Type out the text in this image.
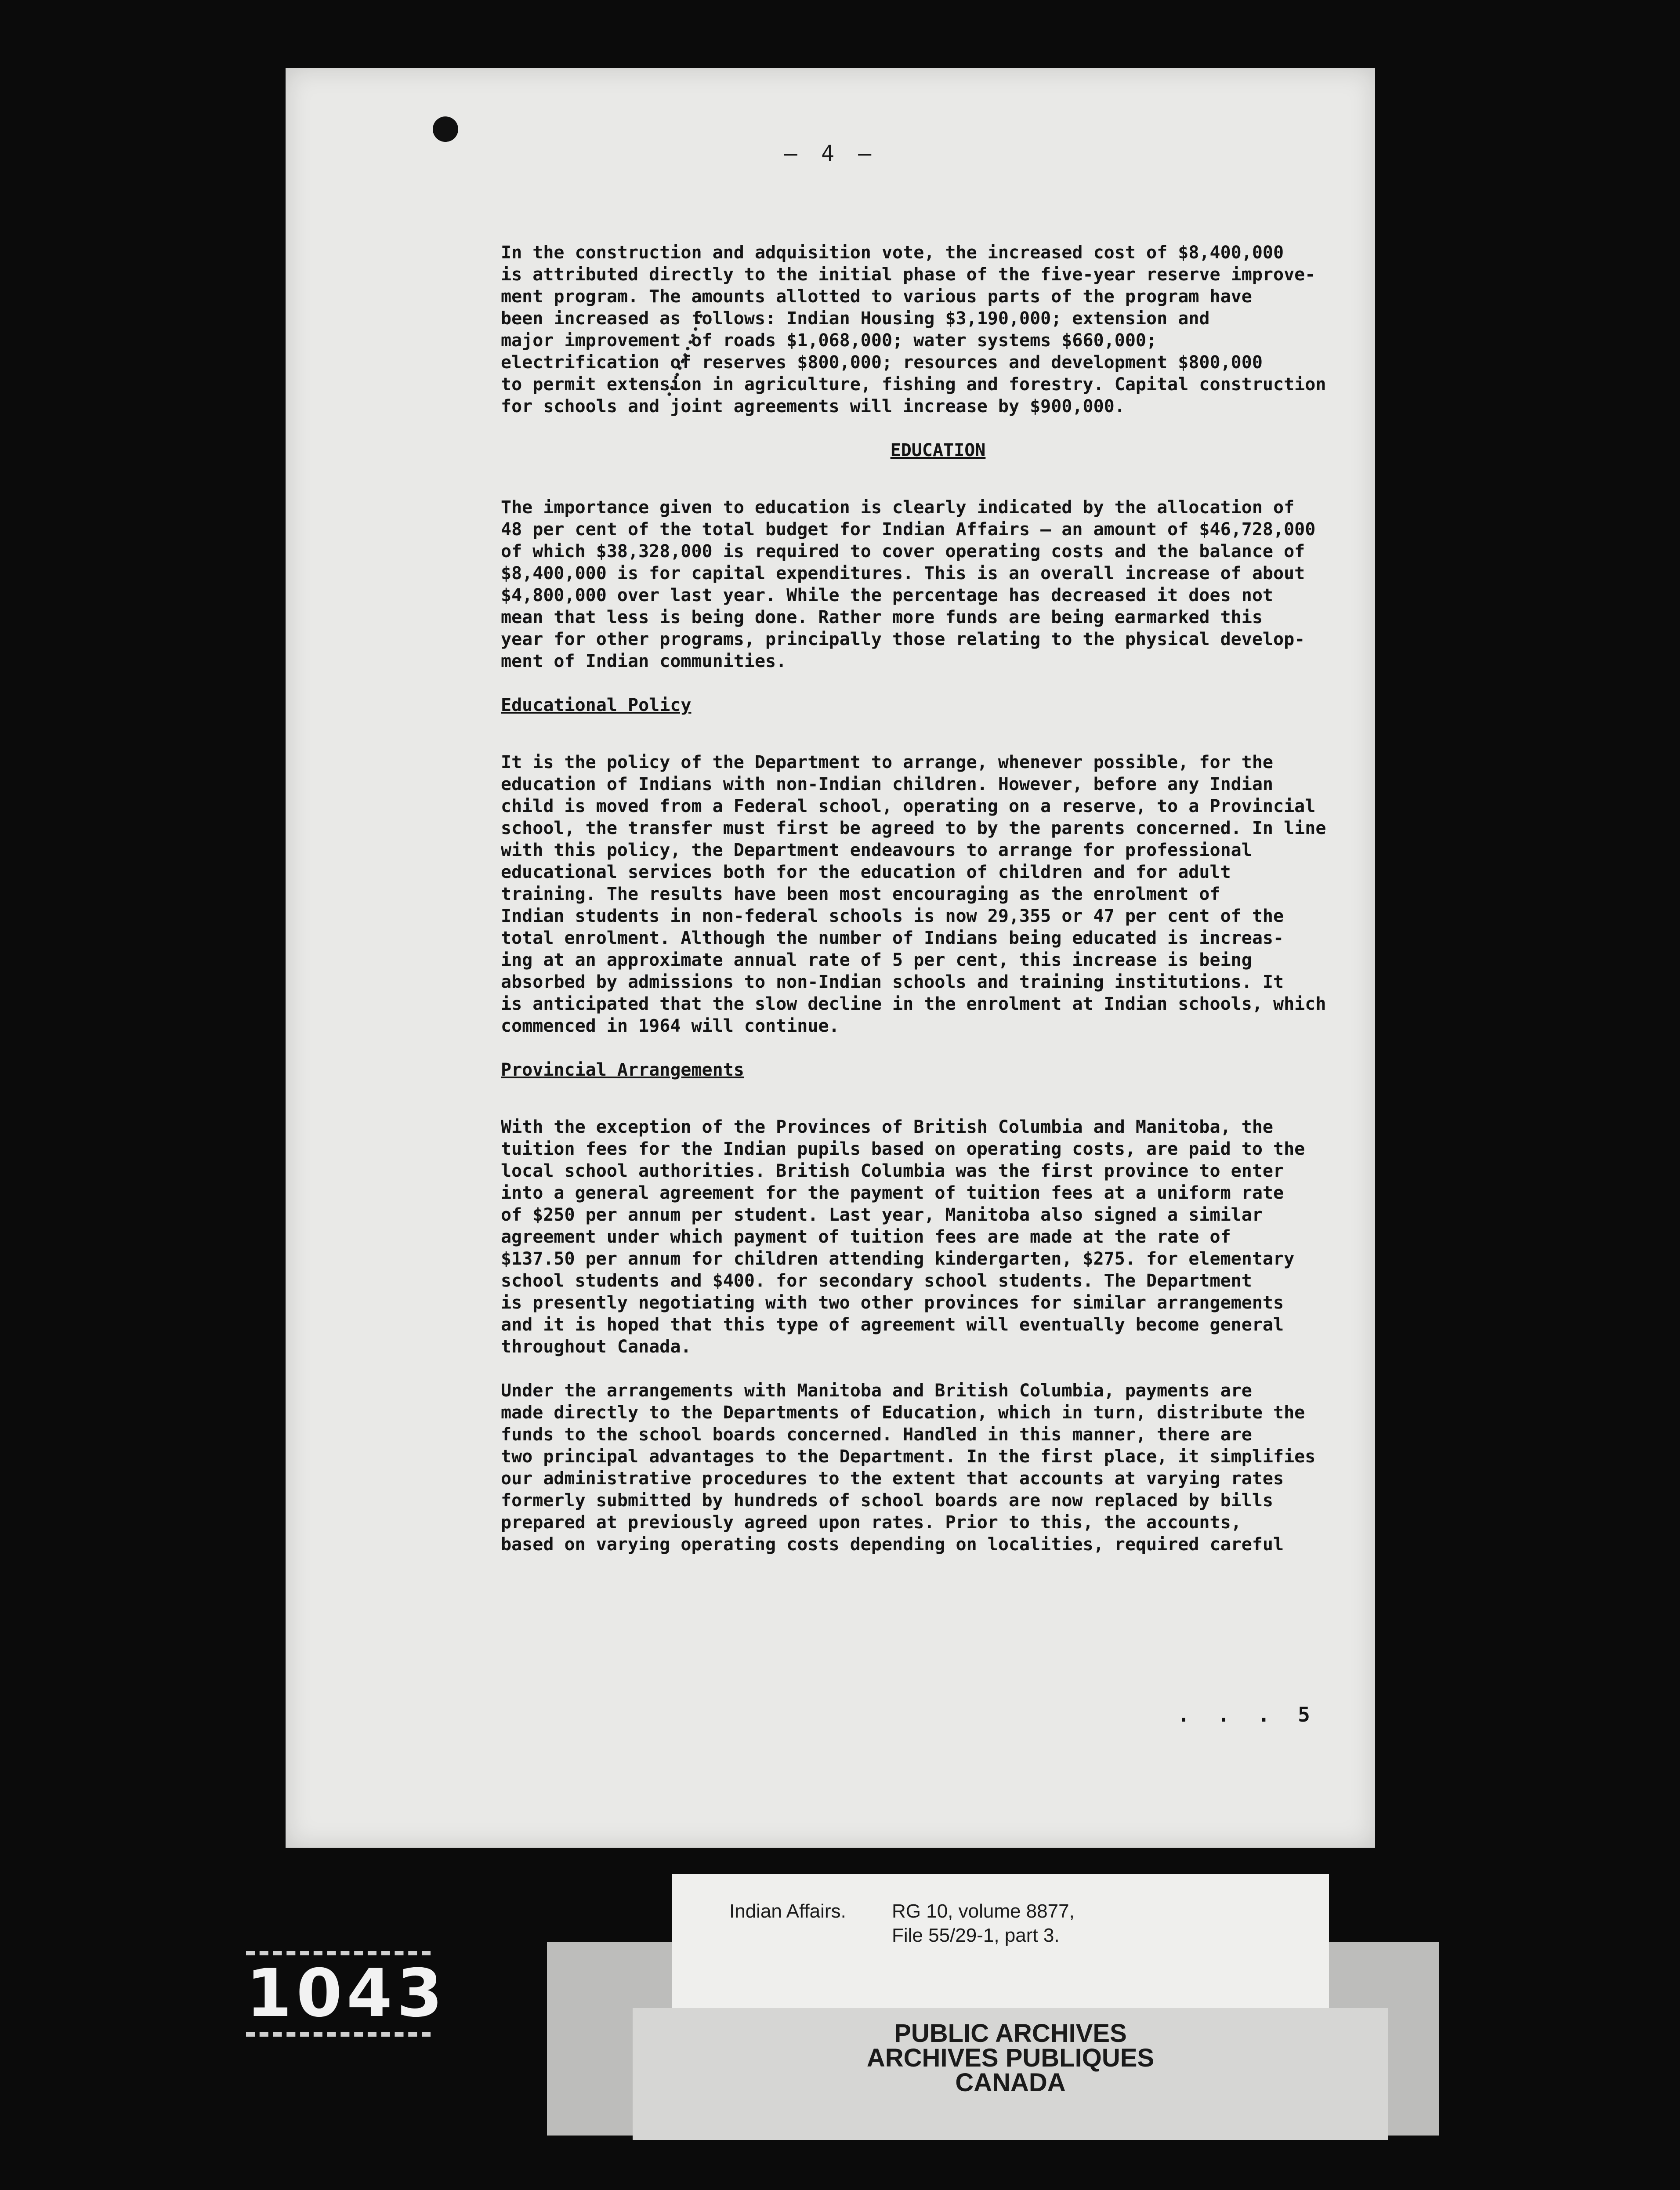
— 4 —

In the construction and adquisition vote, the increased cost of $8,400,000
is attributed directly to the initial phase of the five-year reserve improve-
ment program. The amounts allotted to various parts of the program have
been increased as follows: Indian Housing $3,190,000; extension and
major improvement of roads $1,068,000; water systems $660,000;
electrification of reserves $800,000; resources and development $800,000
to permit extension in agriculture, fishing and forestry. Capital construction
for schools and joint agreements will increase by $900,000.

EDUCATION

The importance given to education is clearly indicated by the allocation of
48 per cent of the total budget for Indian Affairs — an amount of $46,728,000
of which $38,328,000 is required to cover operating costs and the balance of
$8,400,000 is for capital expenditures. This is an overall increase of about
$4,800,000 over last year. While the percentage has decreased it does not
mean that less is being done. Rather more funds are being earmarked this
year for other programs, principally those relating to the physical develop-
ment of Indian communities.

Educational Policy

It is the policy of the Department to arrange, whenever possible, for the
education of Indians with non-Indian children. However, before any Indian
child is moved from a Federal school, operating on a reserve, to a Provincial
school, the transfer must first be agreed to by the parents concerned. In line
with this policy, the Department endeavours to arrange for professional
educational services both for the education of children and for adult
training. The results have been most encouraging as the enrolment of
Indian students in non-federal schools is now 29,355 or 47 per cent of the
total enrolment. Although the number of Indians being educated is increas-
ing at an approximate annual rate of 5 per cent, this increase is being
absorbed by admissions to non-Indian schools and training institutions. It
is anticipated that the slow decline in the enrolment at Indian schools, which
commenced in 1964 will continue.

Provincial Arrangements

With the exception of the Provinces of British Columbia and Manitoba, the
tuition fees for the Indian pupils based on operating costs, are paid to the
local school authorities. British Columbia was the first province to enter
into a general agreement for the payment of tuition fees at a uniform rate
of $250 per annum per student. Last year, Manitoba also signed a similar
agreement under which payment of tuition fees are made at the rate of
$137.50 per annum for children attending kindergarten, $275. for elementary
school students and $400. for secondary school students. The Department
is presently negotiating with two other provinces for similar arrangements
and it is hoped that this type of agreement will eventually become general
throughout Canada.

Under the arrangements with Manitoba and British Columbia, payments are
made directly to the Departments of Education, which in turn, distribute the
funds to the school boards concerned. Handled in this manner, there are
two principal advantages to the Department. In the first place, it simplifies
our administrative procedures to the extent that accounts at varying rates
formerly submitted by hundreds of school boards are now replaced by bills
prepared at previously agreed upon rates. Prior to this, the accounts,
based on varying operating costs depending on localities, required careful

. . . 5
Indian Affairs. RG 10, volume 8877,
File 55/29-1, part 3.
PUBLIC ARCHIVES
ARCHIVES PUBLIQUES
CANADA
1043
